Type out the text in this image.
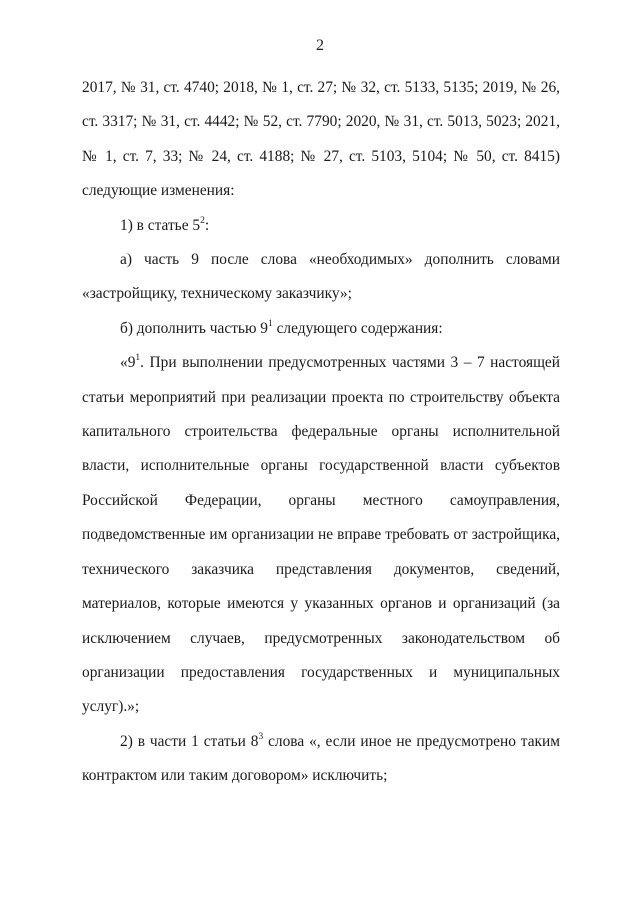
2

2017, № 31, ст. 4740; 2018, № 1, ст. 27; № 32, ст. 5133, 5135; 2019, № 26, ст. 3317; № 31, ст. 4442; № 52, ст. 7790; 2020, № 31, ст. 5013, 5023; 2021, № 1, ст. 7, 33; № 24, ст. 4188; № 27, ст. 5103, 5104; № 50, ст. 8415) следующие изменения:

1) в статье $5^2$:

а) часть 9 после слова «необходимых» дополнить словами «застройщику, техническому заказчику»;

б) дополнить частью $9^1$ следующего содержания:

«$9^1$. При выполнении предусмотренных частями 3 – 7 настоящей статьи мероприятий при реализации проекта по строительству объекта капитального строительства федеральные органы исполнительной власти, исполнительные органы государственной власти субъектов Российской Федерации, органы местного самоуправления, подведомственные им организации не вправе требовать от застройщика, технического заказчика представления документов, сведений, материалов, которые имеются у указанных органов и организаций (за исключением случаев, предусмотренных законодательством об организации предоставления государственных и муниципальных услуг).»;

2) в части 1 статьи $8^3$ слова «, если иное не предусмотрено таким контрактом или таким договором» исключить;
